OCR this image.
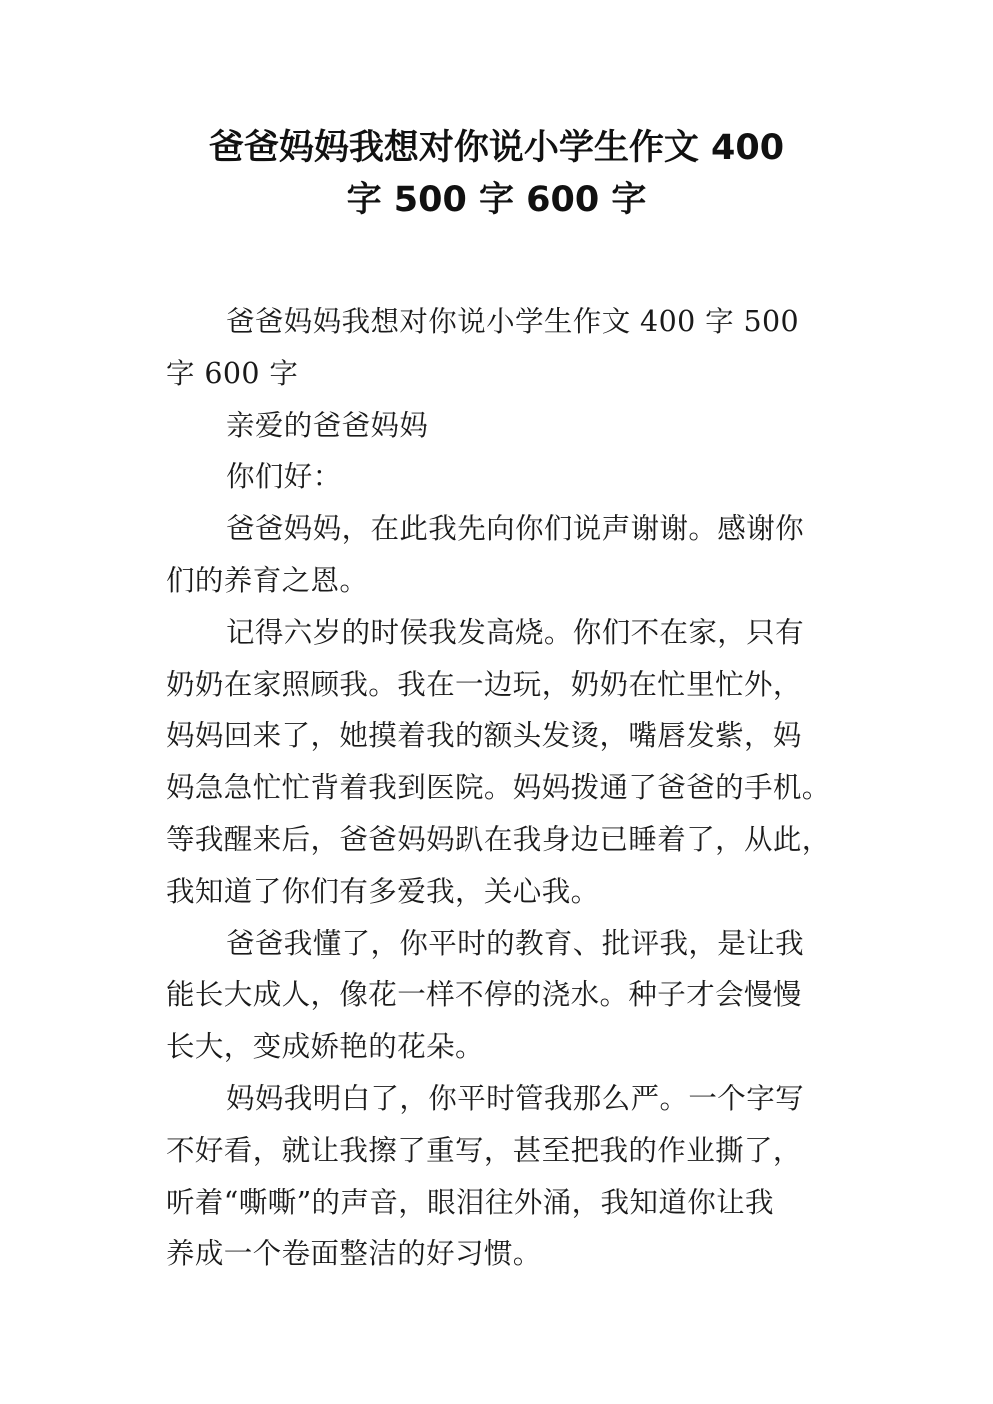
爸爸妈妈我想对你说小学生作文 400
字 500 字 600 字

爸爸妈妈我想对你说小学生作文 400 字 500
字 600 字

亲爱的爸爸妈妈

你们好：

爸爸妈妈，在此我先向你们说声谢谢。感谢你
们的养育之恩。

记得六岁的时侯我发高烧。你们不在家，只有
奶奶在家照顾我。我在一边玩，奶奶在忙里忙外，
妈妈回来了，她摸着我的额头发烫，嘴唇发紫，妈
妈急急忙忙背着我到医院。妈妈拨通了爸爸的手机。
等我醒来后，爸爸妈妈趴在我身边已睡着了，从此，
我知道了你们有多爱我，关心我。

爸爸我懂了，你平时的教育、批评我，是让我
能长大成人，像花一样不停的浇水。种子才会慢慢
长大，变成娇艳的花朵。

妈妈我明白了，你平时管我那么严。一个字写
不好看，就让我擦了重写，甚至把我的作业撕了，
听着“嘶嘶”的声音，眼泪往外涌，我知道你让我
养成一个卷面整洁的好习惯。
